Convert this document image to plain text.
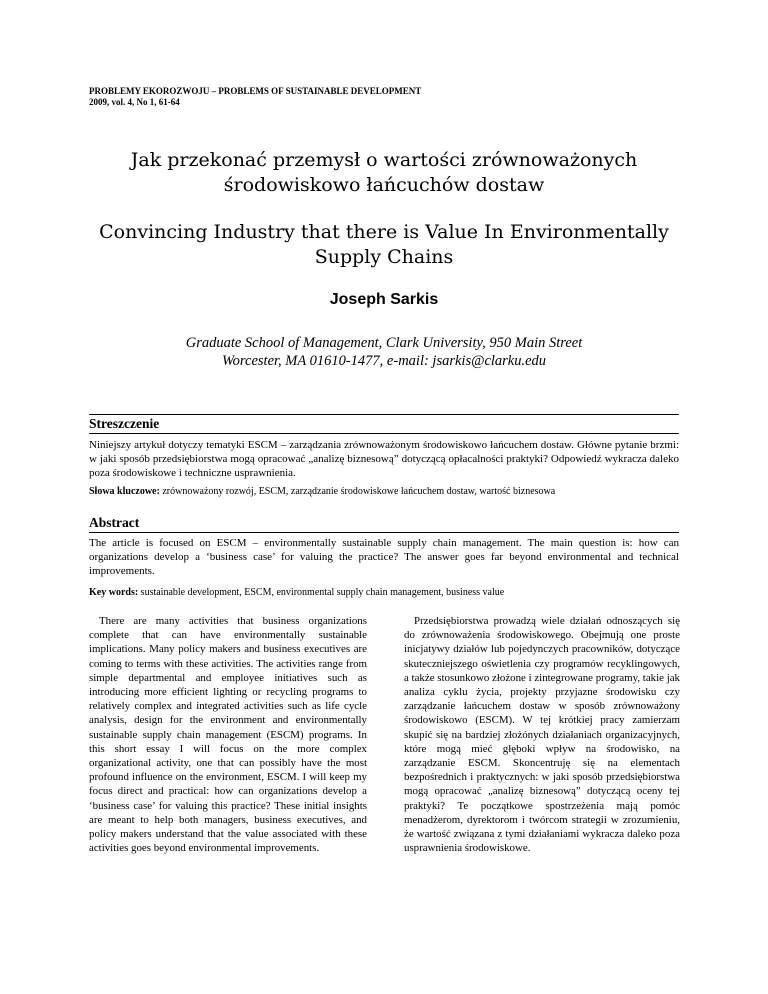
PROBLEMY EKOROZWOJU – PROBLEMS OF SUSTAINABLE DEVELOPMENT
2009, vol. 4, No 1, 61-64
Jak przekonać przemysł o wartości zrównoważonych
środowiskowo łańcuchów dostaw
Convincing Industry that there is Value In Environmentally
Supply Chains
Joseph Sarkis
Graduate School of Management, Clark University, 950 Main Street
Worcester, MA 01610-1477, e-mail: jsarkis@clarku.edu
Streszczenie
Niniejszy artykuł dotyczy tematyki ESCM – zarządzania zrównoważonym środowiskowo łańcuchem dostaw. Główne pytanie brzmi: w jaki sposób przedsiębiorstwa mogą opracować „analizę biznesową” dotyczącą opłacalności praktyki? Odpowiedź wykracza daleko poza środowiskowe i techniczne usprawnienia.
Słowa kluczowe: zrównoważony rozwój, ESCM, zarządzanie środowiskowe łańcuchem dostaw, wartość biznesowa
Abstract
The article is focused on ESCM – environmentally sustainable supply chain management. The main question is: how can organizations develop a ‘business case’ for valuing the practice? The answer goes far beyond environmental and technical improvements.
Key words: sustainable development, ESCM, environmental supply chain management, business value
There are many activities that business organizations complete that can have environmentally sustainable implications. Many policy makers and business executives are coming to terms with these activities. The activities range from simple departmental and employee initiatives such as introducing more efficient lighting or recycling programs to relatively complex and integrated activities such as life cycle analysis, design for the environment and environmentally sustainable supply chain management (ESCM) programs. In this short essay I will focus on the more complex organizational activity, one that can possibly have the most profound influence on the environment, ESCM. I will keep my focus direct and practical: how can organizations develop a ‘business case’ for valuing this practice? These initial insights are meant to help both managers, business executives, and policy makers understand that the value associated with these activities goes beyond environmental improvements.
Przedsiębiorstwa prowadzą wiele działań odnoszących się do zrównoważenia środowiskowego. Obejmują one proste inicjatywy działów lub pojedynczych pracowników, dotyczące skuteczniejszego oświetlenia czy programów recyklingowych, a także stosunkowo złożone i zintegrowane programy, takie jak analiza cyklu życia, projekty przyjazne środowisku czy zarządzanie łańcuchem dostaw w sposób zrównoważony środowiskowo (ESCM). W tej krótkiej pracy zamierzam skupić się na bardziej złożónych działaniach organizacyjnych, które mogą mieć głęboki wpływ na środowisko, na zarządzanie ESCM. Skoncentruję się na elementach bezpośrednich i praktycznych: w jaki sposób przedsiębiorstwa mogą opracować „analizę biznesową” dotyczącą oceny tej praktyki? Te początkowe spostrzeżenia mają pomóc menadżerom, dyrektorom i twórcom strategii w zrozumieniu, że wartość związana z tymi działaniami wykracza daleko poza usprawnienia środowiskowe.
